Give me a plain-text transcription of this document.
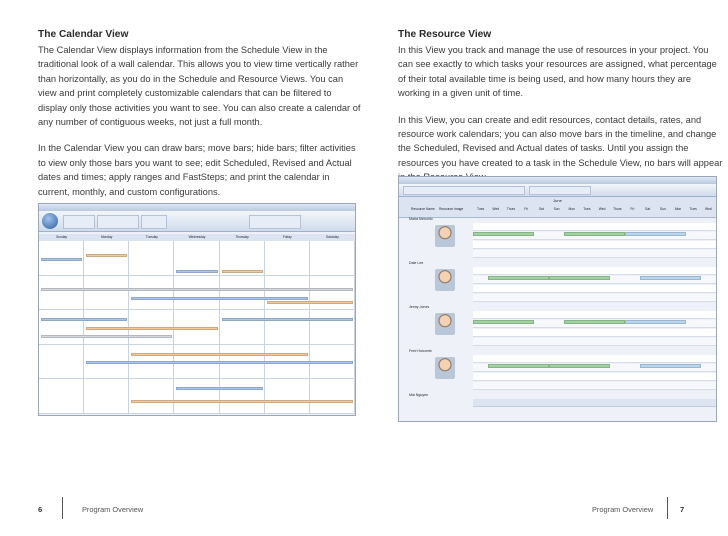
The Calendar View

The Calendar View displays information from the Schedule View in the traditional look of a wall calendar. This allows you to view time vertically rather than horizontally, as you do in the Schedule and Resource Views. You can view and print completely customizable calendars that can be filtered to display only those activities you want to see. You can also create a calendar of any number of contiguous weeks, not just a full month.

In the Calendar View you can draw bars; move bars; hide bars; filter activities to view only those bars you want to see; edit Scheduled, Revised and Actual dates and times; apply ranges and FastSteps; and print the calendar in current, monthly, and custom configurations.

The Resource View

In this View you track and manage the use of resources in your project. You can see exactly to which tasks your resources are assigned, what percentage of their total available time is being used, and how many hours they are working in a given unit of time.

In this View, you can create and edit resources, contact details, rates, and resource work calendars; you can also move bars in the timeline, and change the Scheduled, Revised and Actual dates of tasks. Until you assign the resources you have created to a task in the Schedule View, no bars will appear

Sunday	Monday	Tuesday	Wednesday	Thursday	Friday	Saturday
June
Resource Name Resource Image	Tues	Wed	Thurs	Fri	Sat	Sun	Mon	Tues	Wed	Thurs	Fri	Sat	Sun	Mon	Tues	Wed
Maria Mercello
Dale Lee
Jenny Jones
Fred Holcomb
Mia Nguyen
6	Program Overview	Program Overview	7
